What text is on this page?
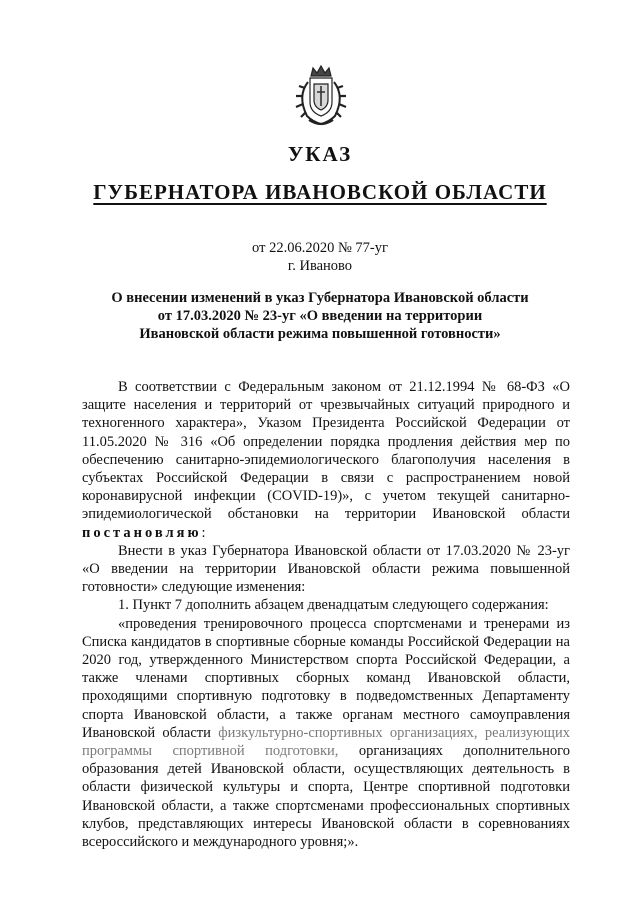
УКАЗ
ГУБЕРНАТОРА ИВАНОВСКОЙ ОБЛАСТИ
от 22.06.2020 № 77-уг
г. Иваново
О внесении изменений в указ Губернатора Ивановской области
от 17.03.2020 № 23-уг «О введении на территории
Ивановской области режима повышенной готовности»

В соответствии с Федеральным законом от 21.12.1994 № 68-ФЗ «О защите населения и территорий от чрезвычайных ситуаций природного и техногенного характера», Указом Президента Российской Федерации от 11.05.2020 № 316 «Об определении порядка продления действия мер по обеспечению санитарно-эпидемиологического благополучия населения в субъектах Российской Федерации в связи с распространением новой коронавирусной инфекции (COVID-19)», с учетом текущей санитарно-эпидемиологической обстановки на территории Ивановской области постановляю:

Внести в указ Губернатора Ивановской области от 17.03.2020 № 23-уг «О введении на территории Ивановской области режима повышенной готовности» следующие изменения:

1. Пункт 7 дополнить абзацем двенадцатым следующего содержания:

«проведения тренировочного процесса спортсменами и тренерами из Списка кандидатов в спортивные сборные команды Российской Федерации на 2020 год, утвержденного Министерством спорта Российской Федерации, а также членами спортивных сборных команд Ивановской области, проходящими спортивную подготовку в подведомственных Департаменту спорта Ивановской области, а также органам местного самоуправления Ивановской области физкультурно-спортивных организациях, реализующих программы спортивной подготовки, организациях дополнительного образования детей Ивановской области, осуществляющих деятельность в области физической культуры и спорта, Центре спортивной подготовки Ивановской области, а также спортсменами профессиональных спортивных клубов, представляющих интересы Ивановской области в соревнованиях всероссийского и международного уровня;».
